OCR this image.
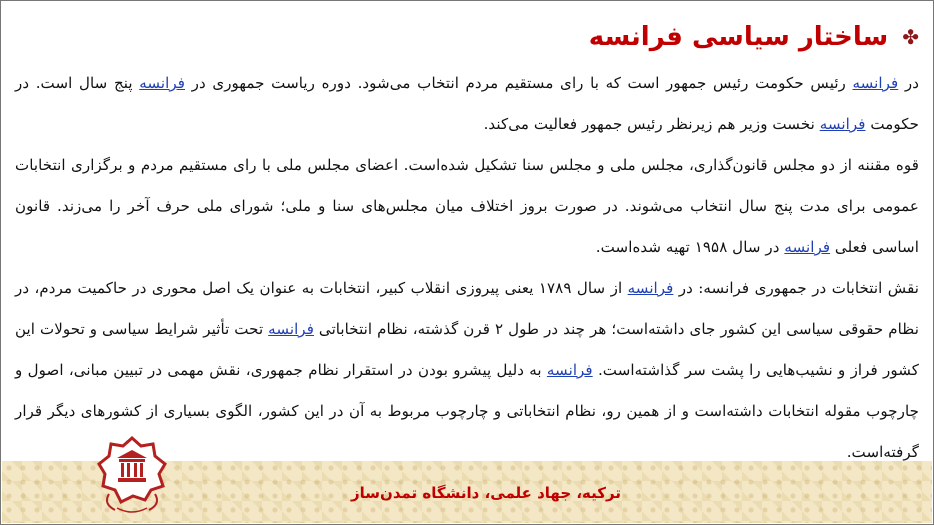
✤
ساختار سیاسی فرانسه

در فرانسه رئیس حکومت رئیس جمهور است که با رای مستقیم مردم انتخاب می‌شود. دوره ریاست جمهوری در فرانسه پنج سال است. در حکومت فرانسه نخست وزیر هم زیرنظر رئیس جمهور فعالیت می‌کند.

قوه مقننه از دو مجلس قانون‌گذاری، مجلس ملی و مجلس سنا تشکیل شده‌است. اعضای مجلس ملی با رای مستقیم مردم و برگزاری انتخابات عمومی برای مدت پنج سال انتخاب می‌شوند. در صورت بروز اختلاف میان مجلس‌های سنا و ملی؛ شورای ملی حرف آخر را می‌زند. قانون اساسی فعلی فرانسه در سال ۱۹۵۸ تهیه شده‌است.

نقش انتخابات در جمهوری فرانسه: در فرانسه از سال ۱۷۸۹ یعنی پیروزی انقلاب کبیر، انتخابات به عنوان یک اصل محوری در حاکمیت مردم، در نظام حقوقی سیاسی این کشور جای داشته‌است؛ هر چند در طول ۲ قرن گذشته، نظام انتخاباتی فرانسه تحت تأثیر شرایط سیاسی و تحولات این کشور فراز و نشیب‌هایی را پشت سر گذاشته‌است. فرانسه به دلیل پیشرو بودن در استقرار نظام جمهوری، نقش مهمی در تبیین مبانی، اصول و چارچوب مقوله انتخابات داشته‌است و از همین رو، نظام انتخاباتی و چارچوب مربوط به آن در این کشور، الگوی بسیاری از کشورهای دیگر قرار گرفته‌است.

ترکیه، جهاد علمی، دانشگاه تمدن‌ساز
